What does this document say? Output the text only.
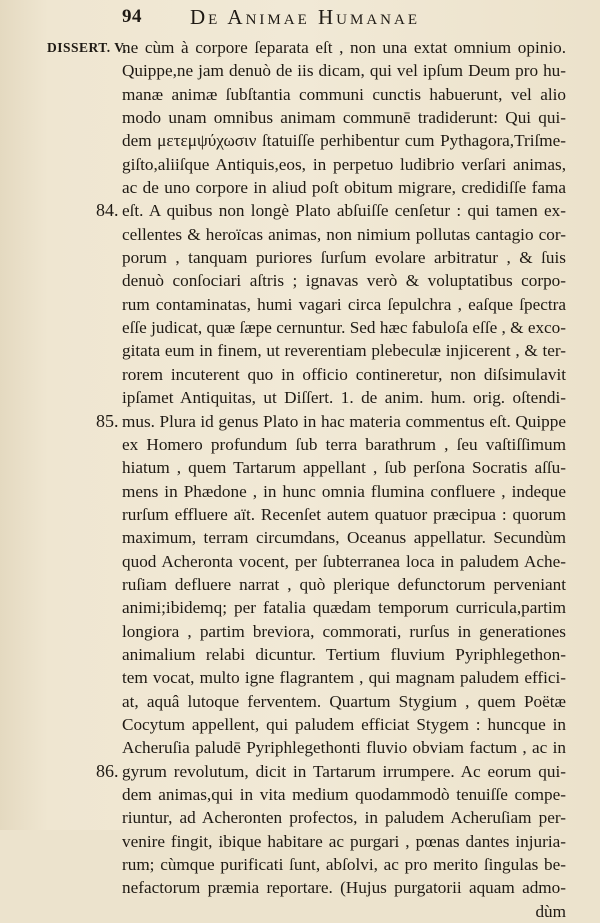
94 De Animae Humanae
DISSERT. V.
ne cùm à corpore ſeparata eſt , non una extat omnium opinio.
Quippe,ne jam denuò de iis dicam, qui vel ipſum Deum pro hu-
manæ animæ ſubſtantia communi cunctis habuerunt, vel alio
modo unam omnibus animam communē tradiderunt: Qui qui-
dem μετεμψύχωσιν ſtatuiſſe perhibentur cum Pythagora,Triſme-
giſto,aliiſque Antiquis,eos, in perpetuo ludibrio verſari animas,
ac de uno corpore in aliud poſt obitum migrare, credidiſſe fama
84. eſt. A quibus non longè Plato abſuiſſe cenſetur : qui tamen ex-
cellentes & heroïcas animas, non nimium pollutas cantagio cor-
porum , tanquam puriores ſurſum evolare arbitratur , & ſuis
denuò conſociari aſtris ; ignavas verò & voluptatibus corpo-
rum contaminatas, humi vagari circa ſepulchra , eaſque ſpectra
eſſe judicat, quæ ſæpe cernuntur. Sed hæc fabuloſa eſſe , & exco-
gitata eum in finem, ut reverentiam plebeculæ injicerent , & ter-
rorem incuterent quo in officio contineretur, non diſsimulavit
ipſamet Antiquitas, ut Diſſert. 1. de anim. hum. orig. oſtendi-
85. mus. Plura id genus Plato in hac materia commentus eſt. Quippe
ex Homero profundum ſub terra barathrum , ſeu vaſtiſſimum
hiatum , quem Tartarum appellant , ſub perſona Socratis aſſu-
mens in Phædone , in hunc omnia flumina confluere , indeque
rurſum effluere aït. Recenſet autem quatuor præcipua : quorum
maximum, terram circumdans, Oceanus appellatur. Secundùm
quod Acheronta vocent, per ſubterranea loca in paludem Ache-
ruſiam defluere narrat , quò plerique defunctorum perveniant
animi;ibidemq; per fatalia quædam temporum curricula,partim
longiora , partim breviora, commorati, rurſus in generationes
animalium relabi dicuntur. Tertium fluvium Pyriphlegethon-
tem vocat, multo igne flagrantem , qui magnam paludem effici-
at, aquâ lutoque ferventem. Quartum Stygium , quem Poëtæ
Cocytum appellent, qui paludem efficiat Stygem : huncque in
Acheruſia paludē Pyriphlegethonti fluvio obviam factum , ac in
86. gyrum revolutum, dicit in Tartarum irrumpere. Ac eorum qui-
dem animas,qui in vita medium quodammodò tenuiſſe compe-
riuntur, ad Acheronten profectos, in paludem Acheruſiam per-
venire fingit, ibique habitare ac purgari , pœnas dantes injuria-
rum; cùmque purificati ſunt, abſolvi, ac pro merito ſingulas be-
nefactorum præmia reportare. (Hujus purgatorii aquam admo-
dùm
